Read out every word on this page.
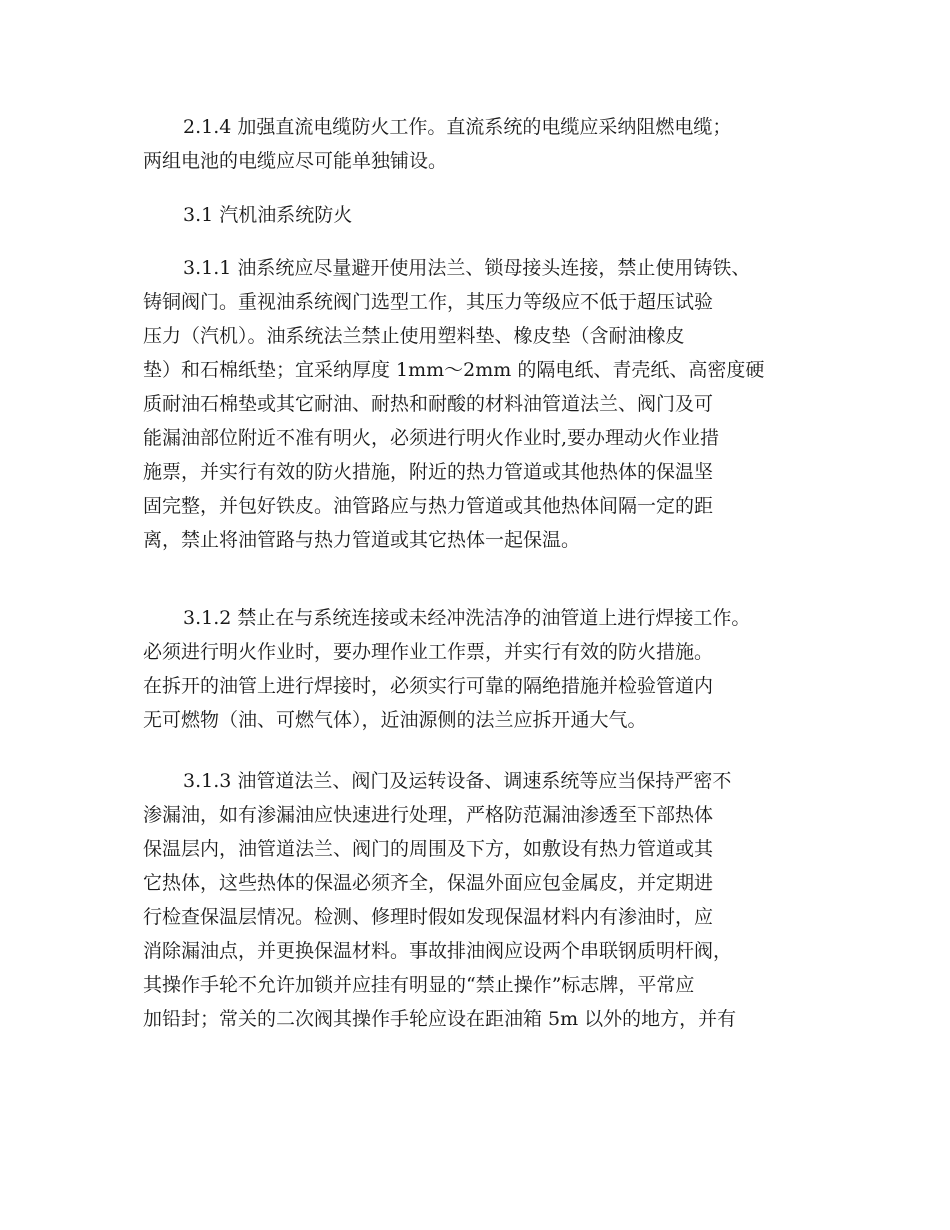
2.1.4 加强直流电缆防火工作。直流系统的电缆应采纳阻燃电缆；
两组电池的电缆应尽可能单独铺设。
3.1 汽机油系统防火
3.1.1 油系统应尽量避开使用法兰、锁母接头连接，禁止使用铸铁、
铸铜阀门。重视油系统阀门选型工作，其压力等级应不低于超压试验
压力（汽机）。油系统法兰禁止使用塑料垫、橡皮垫（含耐油橡皮
垫）和石棉纸垫；宜采纳厚度 1mm～2mm 的隔电纸、青壳纸、高密度硬
质耐油石棉垫或其它耐油、耐热和耐酸的材料油管道法兰、阀门及可
能漏油部位附近不准有明火，必须进行明火作业时,要办理动火作业措
施票，并实行有效的防火措施，附近的热力管道或其他热体的保温坚
固完整，并包好铁皮。油管路应与热力管道或其他热体间隔一定的距
离，禁止将油管路与热力管道或其它热体一起保温。
3.1.2 禁止在与系统连接或未经冲洗洁净的油管道上进行焊接工作。
必须进行明火作业时，要办理作业工作票，并实行有效的防火措施。
在拆开的油管上进行焊接时，必须实行可靠的隔绝措施并检验管道内
无可燃物（油、可燃气体），近油源侧的法兰应拆开通大气。
3.1.3 油管道法兰、阀门及运转设备、调速系统等应当保持严密不
渗漏油，如有渗漏油应快速进行处理，严格防范漏油渗透至下部热体
保温层内，油管道法兰、阀门的周围及下方，如敷设有热力管道或其
它热体，这些热体的保温必须齐全，保温外面应包金属皮，并定期进
行检查保温层情况。检测、修理时假如发现保温材料内有渗油时，应
消除漏油点，并更换保温材料。事故排油阀应设两个串联钢质明杆阀，
其操作手轮不允许加锁并应挂有明显的“禁止操作”标志牌，平常应
加铅封；常关的二次阀其操作手轮应设在距油箱 5m 以外的地方，并有
